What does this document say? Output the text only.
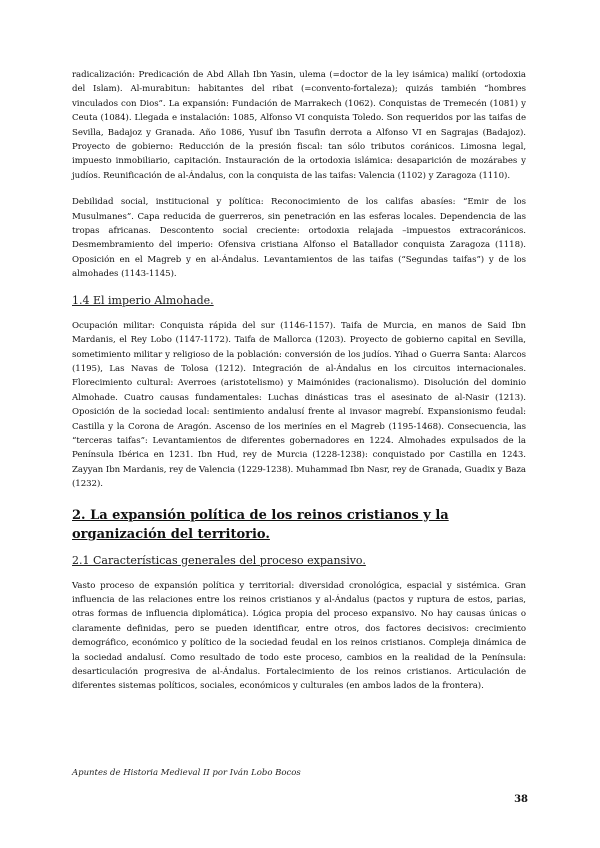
radicalización: Predicación de Abd Allah Ibn Yasin, ulema (=doctor de la ley isámica) malikí (ortodoxia del Islam). Al-murabitun: habitantes del ribat (=convento-fortaleza); quizás también “hombres vinculados con Dios”. La expansión: Fundación de Marrakech (1062). Conquistas de Tremecén (1081) y Ceuta (1084). Llegada e instalación: 1085, Alfonso VI conquista Toledo. Son requeridos por las taifas de Sevilla, Badajoz y Granada. Año 1086, Yusuf ibn Tasufin derrota a Alfonso VI en Sagrajas (Badajoz). Proyecto de gobierno: Reducción de la presión fiscal: tan sólo tributos coránicos. Limosna legal, impuesto inmobiliario, capitación. Instauración de la ortodoxia islámica: desaparición de mozárabes y judíos. Reunificación de al-Ándalus, con la conquista de las taifas: Valencia (1102) y Zaragoza (1110).

Debilidad social, institucional y política: Reconocimiento de los califas abasíes: “Emir de los Musulmanes”. Capa reducida de guerreros, sin penetración en las esferas locales. Dependencia de las tropas africanas. Descontento social creciente: ortodoxia relajada –impuestos extracoránicos. Desmembramiento del imperio: Ofensiva cristiana Alfonso el Batallador conquista Zaragoza (1118). Oposición en el Magreb y en al-Ándalus. Levantamientos de las taifas (“Segundas taifas”) y de los almohades (1143-1145).

1.4 El imperio Almohade.

Ocupación militar: Conquista rápida del sur (1146-1157). Taifa de Murcia, en manos de Said Ibn Mardanis, el Rey Lobo (1147-1172). Taifa de Mallorca (1203). Proyecto de gobierno capital en Sevilla, sometimiento militar y religioso de la población: conversión de los judíos. Yihad o Guerra Santa: Alarcos (1195), Las Navas de Tolosa (1212). Integración de al-Ándalus en los circuitos internacionales. Florecimiento cultural: Averroes (aristotelismo) y Maimónides (racionalismo). Disolución del dominio Almohade. Cuatro causas fundamentales: Luchas dinásticas tras el asesinato de al-Nasir (1213). Oposición de la sociedad local: sentimiento andalusí frente al invasor magrebí. Expansionismo feudal: Castilla y la Corona de Aragón. Ascenso de los meriníes en el Magreb (1195-1468). Consecuencia, las “terceras taifas”: Levantamientos de diferentes gobernadores en 1224. Almohades expulsados de la Península Ibérica en 1231. Ibn Hud, rey de Murcia (1228-1238): conquistado por Castilla en 1243. Zayyan Ibn Mardanis, rey de Valencia (1229-1238). Muhammad Ibn Nasr, rey de Granada, Guadix y Baza (1232).

2. La expansión política de los reinos cristianos y la organización del territorio.
2.1 Características generales del proceso expansivo.

Vasto proceso de expansión política y territorial: diversidad cronológica, espacial y sistémica. Gran influencia de las relaciones entre los reinos cristianos y al-Ándalus (pactos y ruptura de estos, parias, otras formas de influencia diplomática). Lógica propia del proceso expansivo. No hay causas únicas o claramente definidas, pero se pueden identificar, entre otros, dos factores decisivos: crecimiento demográfico, económico y político de la sociedad feudal en los reinos cristianos. Compleja dinámica de la sociedad andalusí. Como resultado de todo este proceso, cambios en la realidad de la Península: desarticulación progresiva de al-Ándalus. Fortalecimiento de los reinos cristianos. Articulación de diferentes sistemas políticos, sociales, económicos y culturales (en ambos lados de la frontera).

Apuntes de Historia Medieval II por Iván Lobo Bocos
38
